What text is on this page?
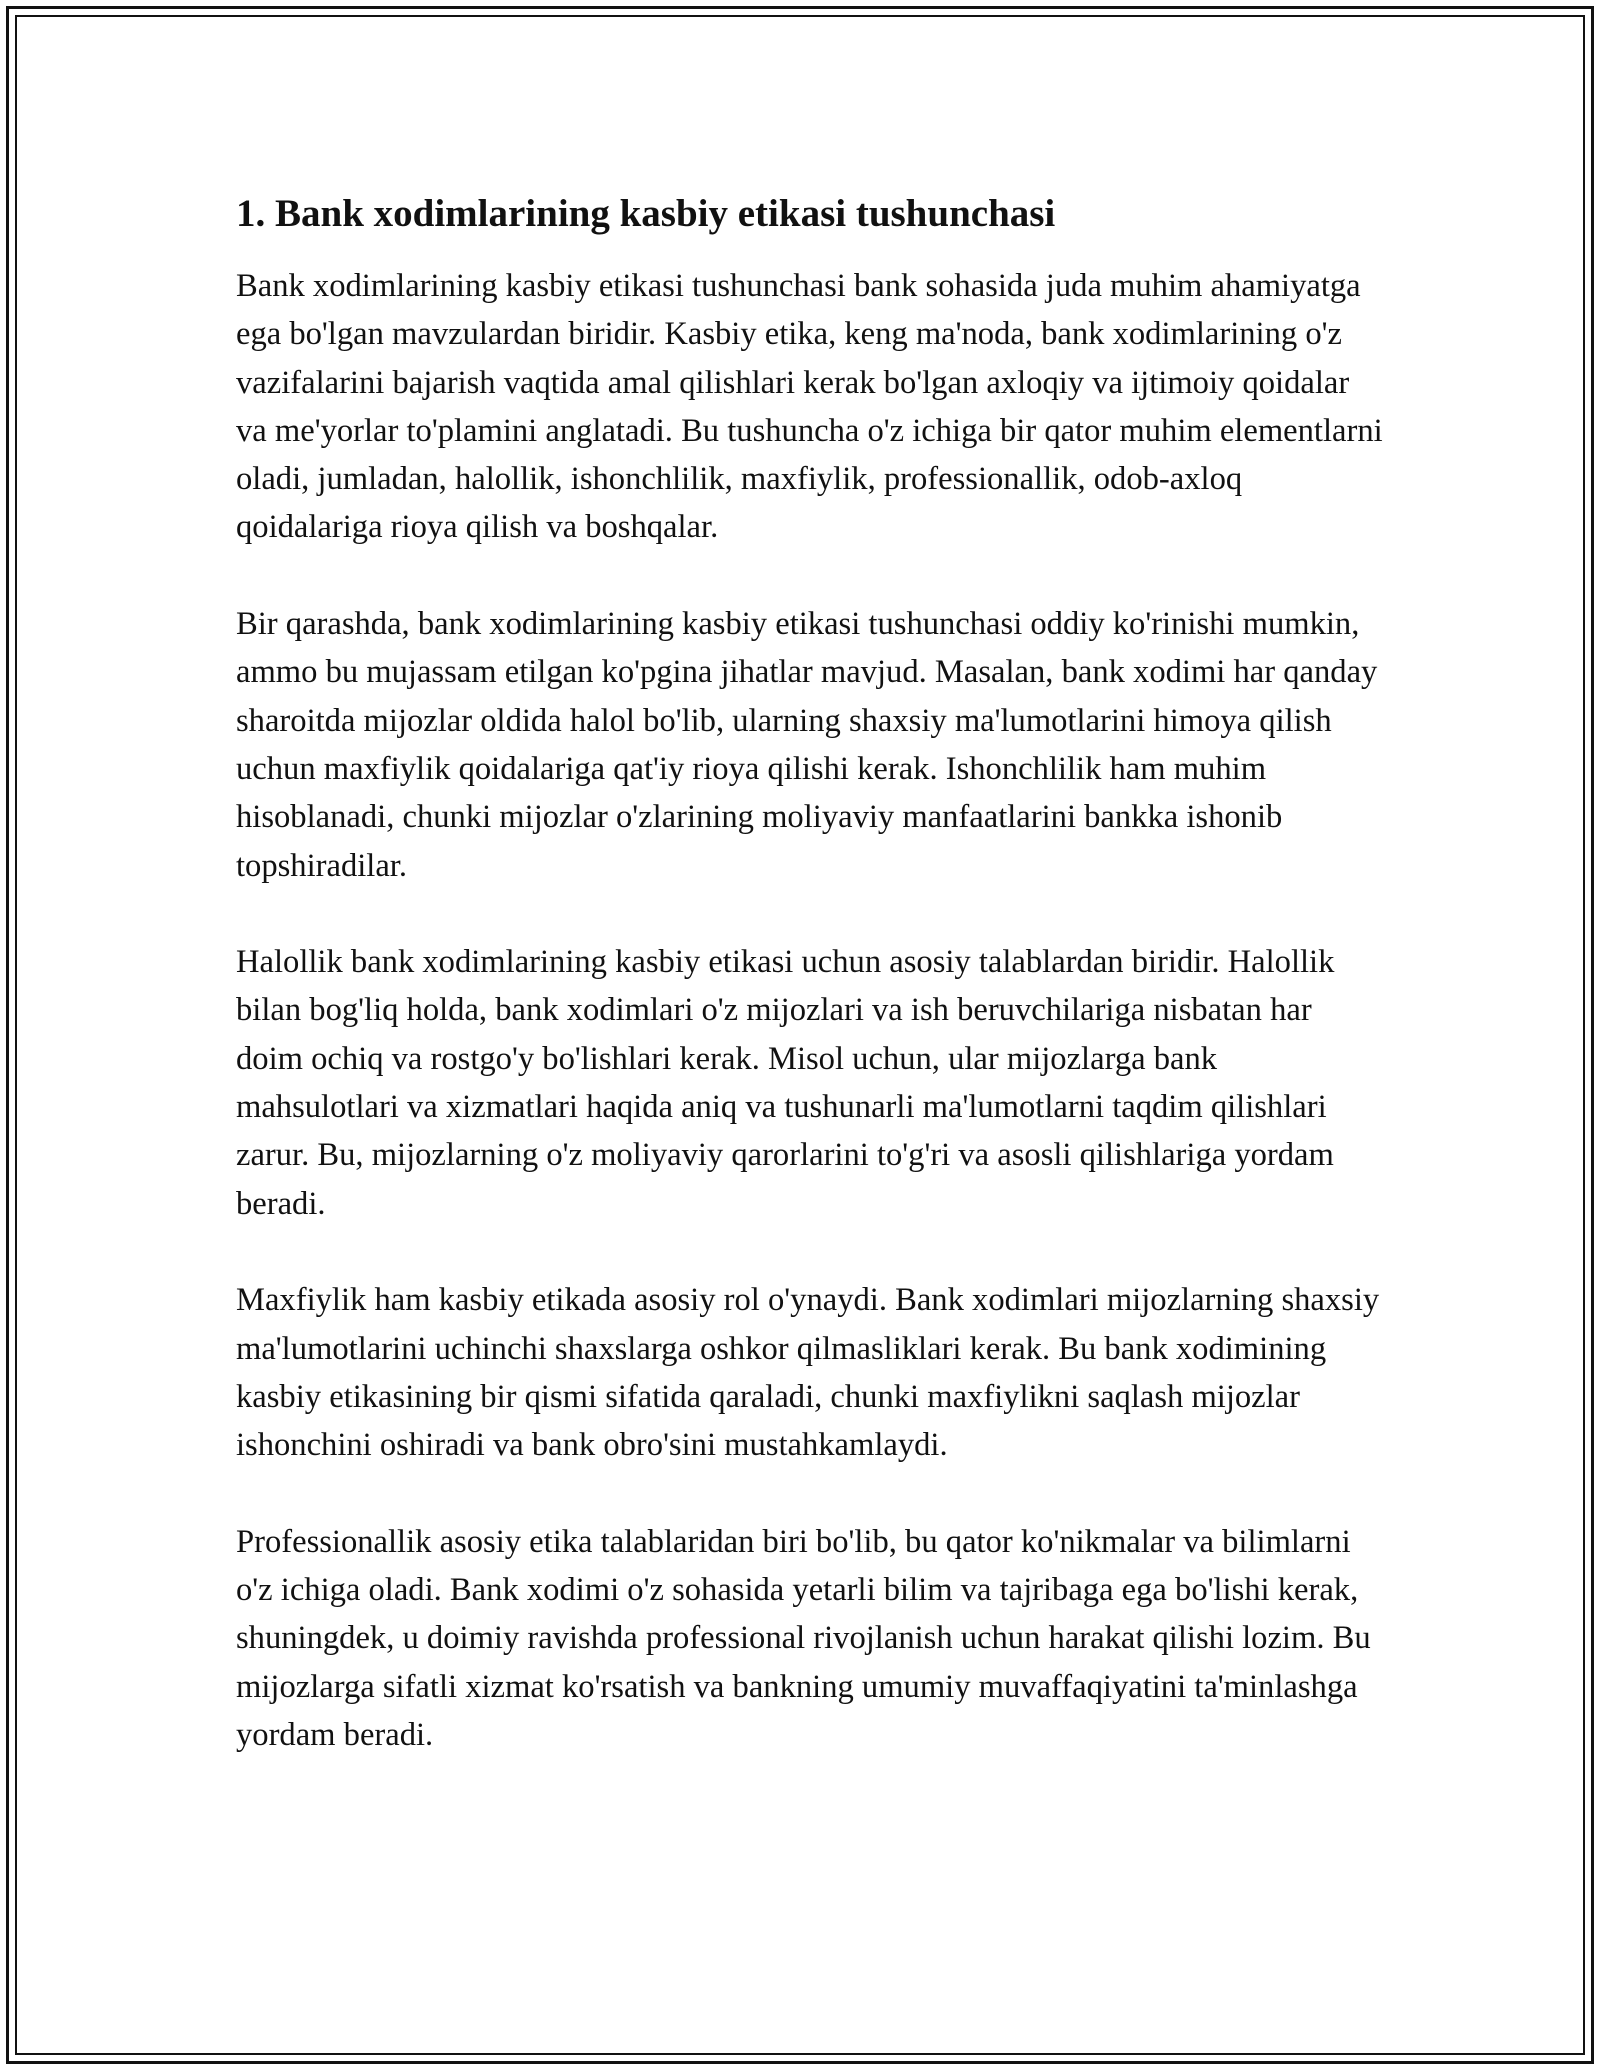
1. Bank xodimlarining kasbiy etikasi tushunchasi

Bank xodimlarining kasbiy etikasi tushunchasi bank sohasida juda muhim ahamiyatga ega bo'lgan mavzulardan biridir. Kasbiy etika, keng ma'noda, bank xodimlarining o'z vazifalarini bajarish vaqtida amal qilishlari kerak bo'lgan axloqiy va ijtimoiy qoidalar va me'yorlar to'plamini anglatadi. Bu tushuncha o'z ichiga bir qator muhim elementlarni oladi, jumladan, halollik, ishonchlilik, maxfiylik, professionallik, odob-axloq qoidalariga rioya qilish va boshqalar.

Bir qarashda, bank xodimlarining kasbiy etikasi tushunchasi oddiy ko'rinishi mumkin, ammo bu mujassam etilgan ko'pgina jihatlar mavjud. Masalan, bank xodimi har qanday sharoitda mijozlar oldida halol bo'lib, ularning shaxsiy ma'lumotlarini himoya qilish uchun maxfiylik qoidalariga qat'iy rioya qilishi kerak. Ishonchlilik ham muhim hisoblanadi, chunki mijozlar o'zlarining moliyaviy manfaatlarini bankka ishonib topshiradilar.

Halollik bank xodimlarining kasbiy etikasi uchun asosiy talablardan biridir. Halollik bilan bog'liq holda, bank xodimlari o'z mijozlari va ish beruvchilariga nisbatan har doim ochiq va rostgo'y bo'lishlari kerak. Misol uchun, ular mijozlarga bank mahsulotlari va xizmatlari haqida aniq va tushunarli ma'lumotlarni taqdim qilishlari zarur. Bu, mijozlarning o'z moliyaviy qarorlarini to'g'ri va asosli qilishlariga yordam beradi.

Maxfiylik ham kasbiy etikada asosiy rol o'ynaydi. Bank xodimlari mijozlarning shaxsiy ma'lumotlarini uchinchi shaxslarga oshkor qilmasliklari kerak. Bu bank xodimining kasbiy etikasining bir qismi sifatida qaraladi, chunki maxfiylikni saqlash mijozlar ishonchini oshiradi va bank obro'sini mustahkamlaydi.

Professionallik asosiy etika talablaridan biri bo'lib, bu qator ko'nikmalar va bilimlarni o'z ichiga oladi. Bank xodimi o'z sohasida yetarli bilim va tajribaga ega bo'lishi kerak, shuningdek, u doimiy ravishda professional rivojlanish uchun harakat qilishi lozim. Bu mijozlarga sifatli xizmat ko'rsatish va bankning umumiy muvaffaqiyatini ta'minlashga yordam beradi.
